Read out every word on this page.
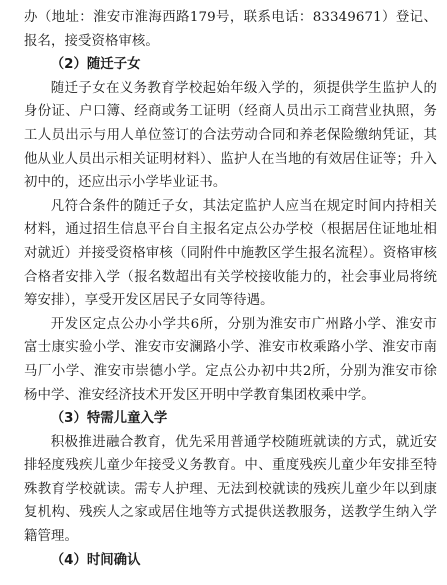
办（地址：淮安市淮海西路179号，联系电话：83349671）登记、报名，接受资格审核。

（2）随迁子女

随迁子女在义务教育学校起始年级入学的，须提供学生监护人的身份证、户口簿、经商或务工证明（经商人员出示工商营业执照，务工人员出示与用人单位签订的合法劳动合同和养老保险缴纳凭证，其他从业人员出示相关证明材料）、监护人在当地的有效居住证等；升入初中的，还应出示小学毕业证书。

凡符合条件的随迁子女，其法定监护人应当在规定时间内持相关材料，通过招生信息平台自主报名定点公办学校（根据居住证地址相对就近）并接受资格审核（同附件中施教区学生报名流程）。资格审核合格者安排入学（报名数超出有关学校接收能力的，社会事业局将统筹安排），享受开发区居民子女同等待遇。

开发区定点公办小学共6所，分别为淮安市广州路小学、淮安市富士康实验小学、淮安市安澜路小学、淮安市枚乘路小学、淮安市南马厂小学、淮安市崇德小学。定点公办初中共2所，分别为淮安市徐杨中学、淮安经济技术开发区开明中学教育集团枚乘中学。

（3）特需儿童入学

积极推进融合教育，优先采用普通学校随班就读的方式，就近安排轻度残疾儿童少年接受义务教育。中、重度残疾儿童少年安排至特殊教育学校就读。需专人护理、无法到校就读的残疾儿童少年以到康复机构、残疾人之家或居住地等方式提供送教服务，送教学生纳入学籍管理。

（4）时间确认
